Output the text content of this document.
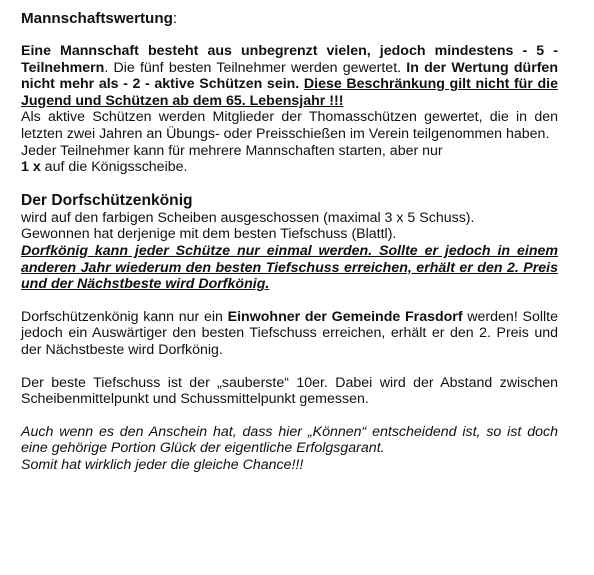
Mannschaftswertung:

Eine Mannschaft besteht aus unbegrenzt vielen, jedoch mindestens - 5 - Teilnehmern. Die fünf besten Teilnehmer werden gewertet. In der Wertung dürfen nicht mehr als - 2 - aktive Schützen sein. Diese Beschränkung gilt nicht für die Jugend und Schützen ab dem 65. Lebensjahr !!!

Als aktive Schützen werden Mitglieder der Thomasschützen gewertet, die in den letzten zwei Jahren an Übungs- oder Preisschießen im Verein teilgenommen haben.

Jeder Teilnehmer kann für mehrere Mannschaften starten, aber nur
1 x auf die Königsscheibe.

Der Dorfschützenkönig

wird auf den farbigen Scheiben ausgeschossen (maximal 3 x 5 Schuss).
Gewonnen hat derjenige mit dem besten Tiefschuss (Blattl).

Dorfkönig kann jeder Schütze nur einmal werden. Sollte er jedoch in einem anderen Jahr wiederum den besten Tiefschuss erreichen, erhält er den 2. Preis und der Nächstbeste wird Dorfkönig.

Dorfschützenkönig kann nur ein Einwohner der Gemeinde Frasdorf werden! Sollte jedoch ein Auswärtiger den besten Tiefschuss erreichen, erhält er den 2. Preis und der Nächstbeste wird Dorfkönig.

Der beste Tiefschuss ist der „sauberste“ 10er. Dabei wird der Abstand zwischen Scheibenmittelpunkt und Schussmittelpunkt gemessen.

Auch wenn es den Anschein hat, dass hier „Können“ entscheidend ist, so ist doch eine gehörige Portion Glück der eigentliche Erfolgsgarant.
Somit hat wirklich jeder die gleiche Chance!!!
